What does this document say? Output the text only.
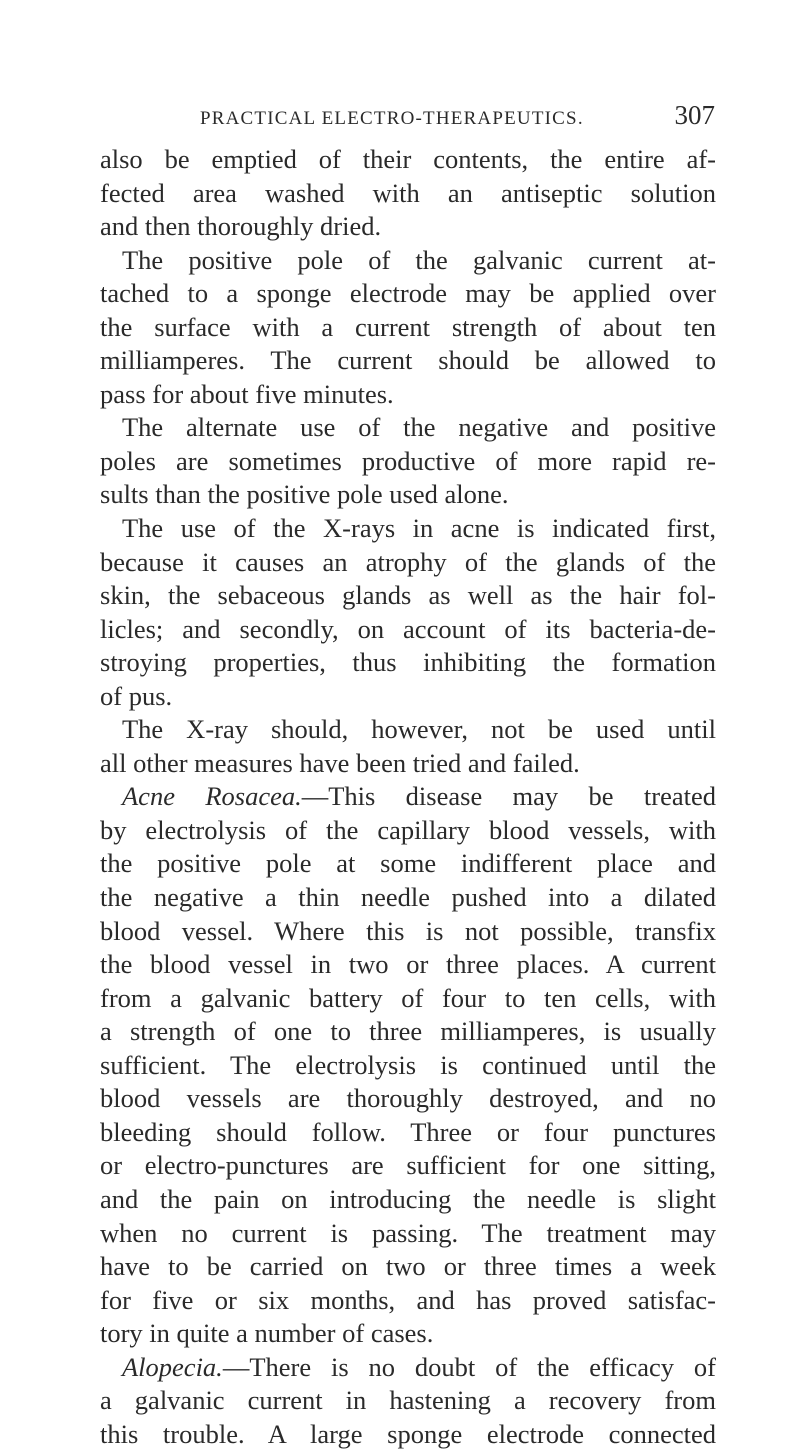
PRACTICAL ELECTRO-THERAPEUTICS.	307
also be emptied of their contents, the entire af-
fected area washed with an antiseptic solution
and then thoroughly dried.
The positive pole of the galvanic current at-
tached to a sponge electrode may be applied over
the surface with a current strength of about ten
milliamperes. The current should be allowed to
pass for about five minutes.
The alternate use of the negative and positive
poles are sometimes productive of more rapid re-
sults than the positive pole used alone.
The use of the X-rays in acne is indicated first,
because it causes an atrophy of the glands of the
skin, the sebaceous glands as well as the hair fol-
licles; and secondly, on account of its bacteria-de-
stroying properties, thus inhibiting the formation
of pus.
The X-ray should, however, not be used until
all other measures have been tried and failed.
Acne Rosacea.—This disease may be treated
by electrolysis of the capillary blood vessels, with
the positive pole at some indifferent place and
the negative a thin needle pushed into a dilated
blood vessel. Where this is not possible, transfix
the blood vessel in two or three places. A current
from a galvanic battery of four to ten cells, with
a strength of one to three milliamperes, is usually
sufficient. The electrolysis is continued until the
blood vessels are thoroughly destroyed, and no
bleeding should follow. Three or four punctures
or electro-punctures are sufficient for one sitting,
and the pain on introducing the needle is slight
when no current is passing. The treatment may
have to be carried on two or three times a week
for five or six months, and has proved satisfac-
tory in quite a number of cases.
Alopecia.—There is no doubt of the efficacy of
a galvanic current in hastening a recovery from
this trouble. A large sponge electrode connected
